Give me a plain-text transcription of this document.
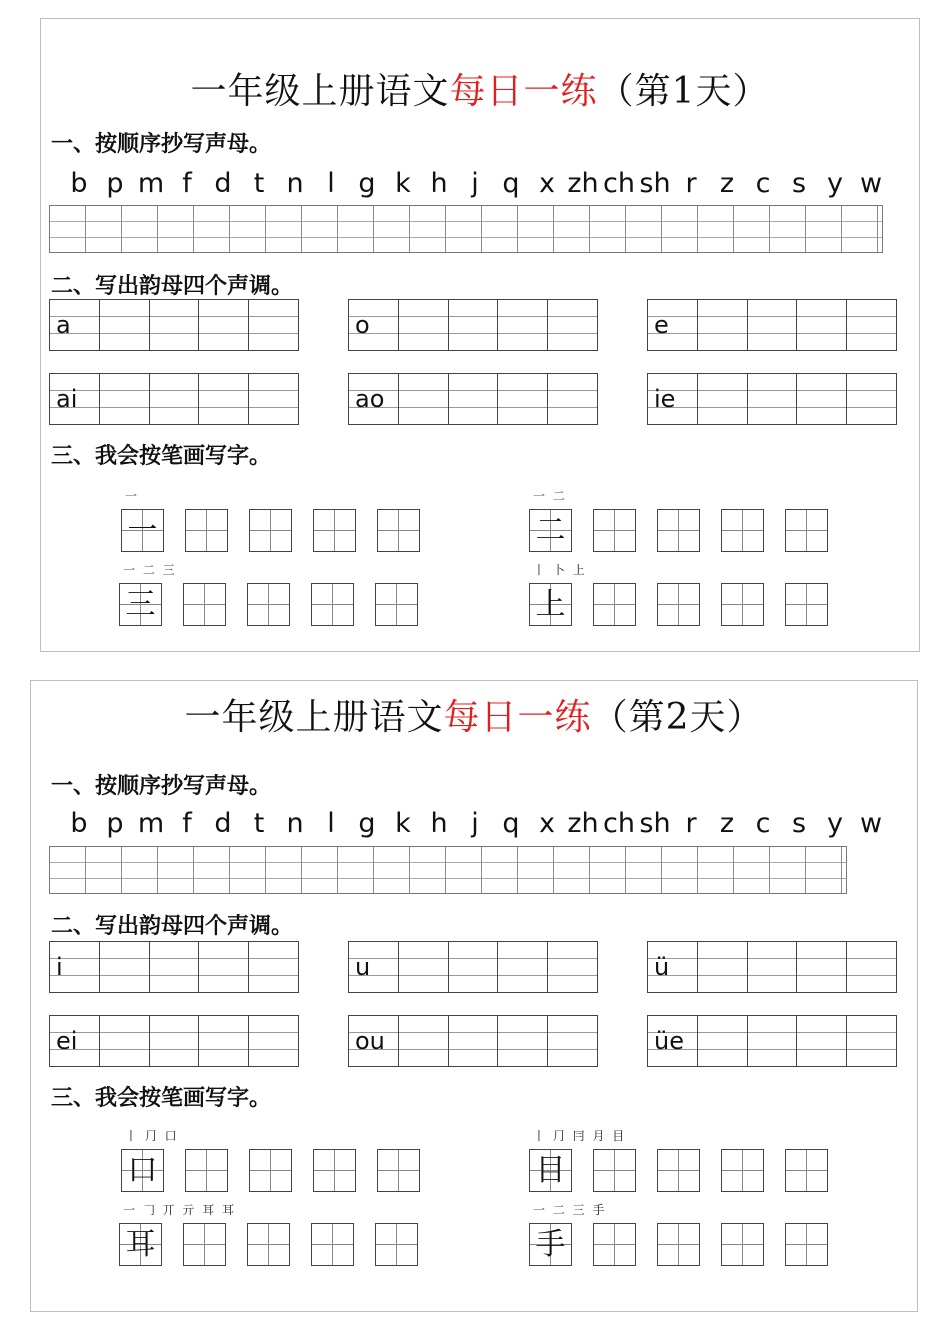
一年级上册语文每日一练（第1天）
一、按顺序抄写声母。
b p m f d t n l g k h j q x zh ch sh r z c s y w
二、写出韵母四个声调。
a	o	e
ai	ao	ie
三、我会按笔画写字。
一
一
一 二
二
一 二 三
三
丨 卜 上
上
一年级上册语文每日一练（第2天）
一、按顺序抄写声母。
b p m f d t n l g k h j q x zh ch sh r z c s y w
二、写出韵母四个声调。
i	u	ü
ei	ou	üe
三、我会按笔画写字。
丨 ⺆ 口
口
丨 ⺆ 冃 月 目
目
一 𠃌 丌 亓 耳 耳
耳
一 二 三 手
手
